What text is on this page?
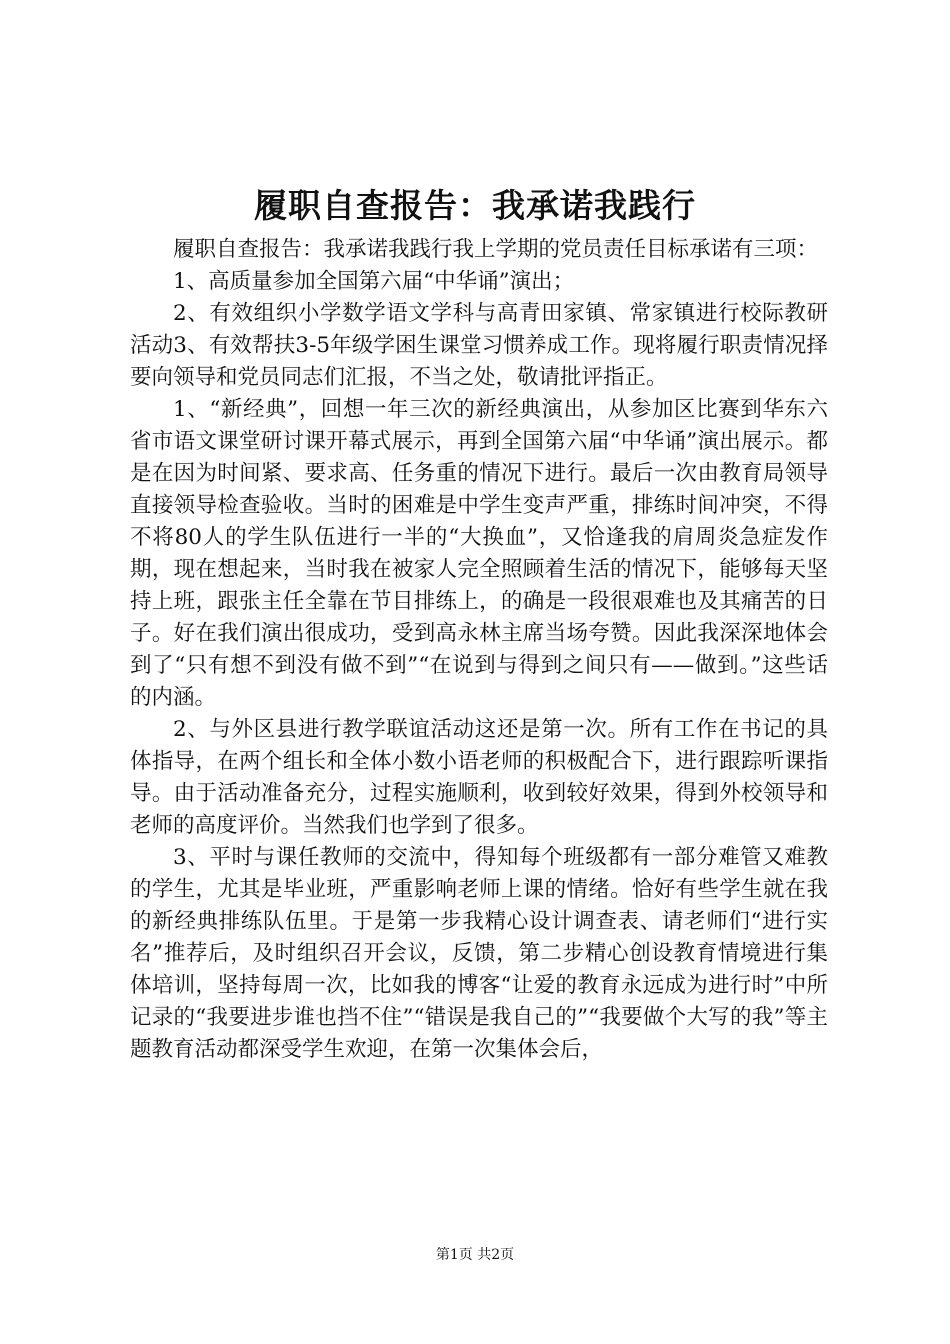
履职自查报告：我承诺我践行

履职自查报告：我承诺我践行我上学期的党员责任目标承诺有三项：

1、高质量参加全国第六届“中华诵”演出；

2、有效组织小学数学语文学科与高青田家镇、常家镇进行校际教研活动3、有效帮扶3-5年级学困生课堂习惯养成工作。现将履行职责情况择要向领导和党员同志们汇报，不当之处，敬请批评指正。

1、“新经典”，回想一年三次的新经典演出，从参加区比赛到华东六省市语文课堂研讨课开幕式展示，再到全国第六届“中华诵”演出展示。都是在因为时间紧、要求高、任务重的情况下进行。最后一次由教育局领导直接领导检查验收。当时的困难是中学生变声严重，排练时间冲突，不得不将80人的学生队伍进行一半的“大换血”，又恰逢我的肩周炎急症发作期，现在想起来，当时我在被家人完全照顾着生活的情况下，能够每天坚持上班，跟张主任全靠在节目排练上，的确是一段很艰难也及其痛苦的日子。好在我们演出很成功，受到高永林主席当场夸赞。因此我深深地体会到了“只有想不到没有做不到”“在说到与得到之间只有——做到。”这些话的内涵。

2、与外区县进行教学联谊活动这还是第一次。所有工作在书记的具体指导，在两个组长和全体小数小语老师的积极配合下，进行跟踪听课指导。由于活动准备充分，过程实施顺利，收到较好效果，得到外校领导和老师的高度评价。当然我们也学到了很多。

3、平时与课任教师的交流中，得知每个班级都有一部分难管又难教的学生，尤其是毕业班，严重影响老师上课的情绪。恰好有些学生就在我的新经典排练队伍里。于是第一步我精心设计调查表、请老师们“进行实名”推荐后，及时组织召开会议，反馈，第二步精心创设教育情境进行集体培训，坚持每周一次，比如我的博客“让爱的教育永远成为进行时”中所记录的“我要进步谁也挡不住”“错误是我自己的”“我要做个大写的我”等主题教育活动都深受学生欢迎，在第一次集体会后，

第1页 共2页
